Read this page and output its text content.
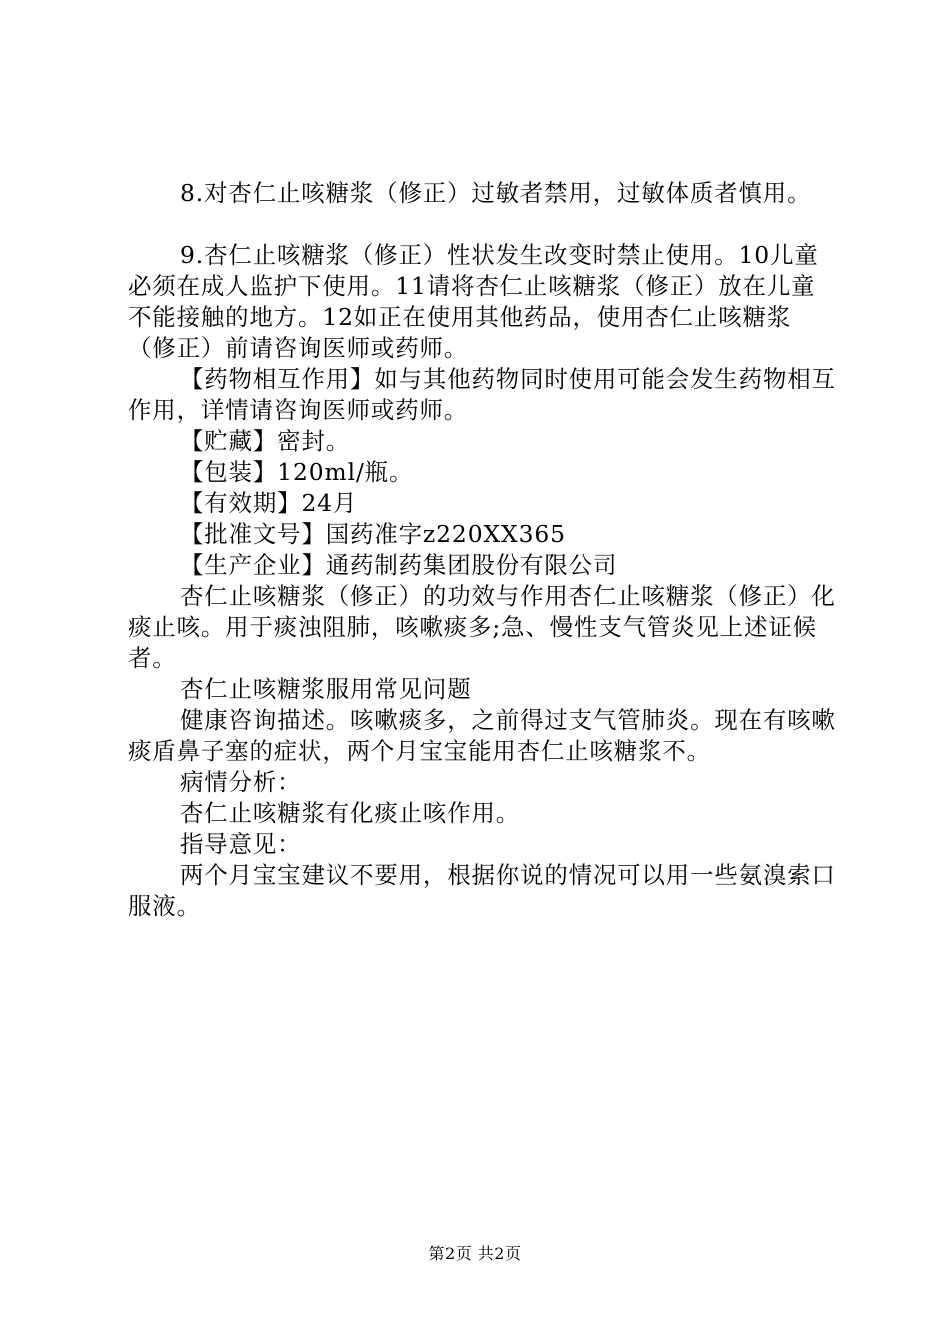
8.对杏仁止咳糖浆（修正）过敏者禁用，过敏体质者慎用。

9.杏仁止咳糖浆（修正）性状发生改变时禁止使用。10儿童必须在成人监护下使用。11请将杏仁止咳糖浆（修正）放在儿童不能接触的地方。12如正在使用其他药品，使用杏仁止咳糖浆（修正）前请咨询医师或药师。

【药物相互作用】如与其他药物同时使用可能会发生药物相互作用，详情请咨询医师或药师。

【贮藏】密封。

【包装】120ml/瓶。

【有效期】24月

【批准文号】国药准字z220XX365

【生产企业】通药制药集团股份有限公司

杏仁止咳糖浆（修正）的功效与作用杏仁止咳糖浆（修正）化痰止咳。用于痰浊阻肺，咳嗽痰多;急、慢性支气管炎见上述证候者。

杏仁止咳糖浆服用常见问题

健康咨询描述。咳嗽痰多，之前得过支气管肺炎。现在有咳嗽痰盾鼻子塞的症状，两个月宝宝能用杏仁止咳糖浆不。

病情分析：

杏仁止咳糖浆有化痰止咳作用。

指导意见：

两个月宝宝建议不要用，根据你说的情况可以用一些氨溴索口服液。

第2页 共2页
